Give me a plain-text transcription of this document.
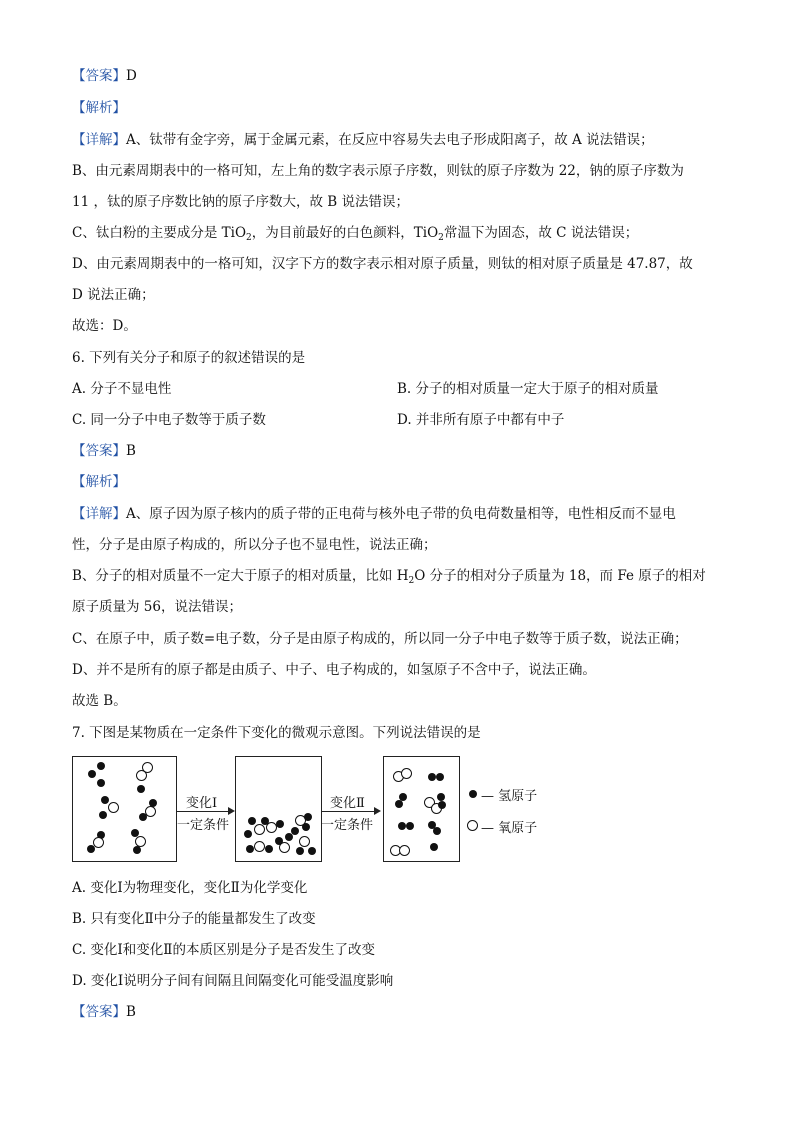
【答案】D
【解析】
【详解】A、钛带有金字旁，属于金属元素，在反应中容易失去电子形成阳离子，故 A 说法错误；
B、由元素周期表中的一格可知，左上角的数字表示原子序数，则钛的原子序数为 22，钠的原子序数为
11 ，钛的原子序数比钠的原子序数大，故 B 说法错误；
C、钛白粉的主要成分是 TiO$_2$，为目前最好的白色颜料，TiO$_2$常温下为固态，故 C 说法错误；
D、由元素周期表中的一格可知，汉字下方的数字表示相对原子质量，则钛的相对原子质量是 47.87，故
D 说法正确；
故选：D。
6. 下列有关分子和原子的叙述错误的是
A. 分子不显电性	B. 分子的相对质量一定大于原子的相对质量
C. 同一分子中电子数等于质子数	D. 并非所有原子中都有中子
【答案】B
【解析】
【详解】A、原子因为原子核内的质子带的正电荷与核外电子带的负电荷数量相等，电性相反而不显电
性，分子是由原子构成的，所以分子也不显电性，说法正确；
B、分子的相对质量不一定大于原子的相对质量，比如 $H_2O$ 分子的相对分子质量为 18，而 Fe 原子的相对
原子质量为 56，说法错误；
C、在原子中，质子数=电子数，分子是由原子构成的，所以同一分子中电子数等于质子数，说法正确；
D、并不是所有的原子都是由质子、中子、电子构成的，如氢原子不含中子，说法正确。
故选 B。
7. 下图是某物质在一定条件下变化的微观示意图。下列说法错误的是
变化Ⅰ
一定条件
变化Ⅱ
一定条件
— 氢原子
— 氧原子
A. 变化Ⅰ为物理变化，变化Ⅱ为化学变化
B. 只有变化Ⅱ中分子的能量都发生了改变
C. 变化Ⅰ和变化Ⅱ的本质区别是分子是否发生了改变
D. 变化Ⅰ说明分子间有间隔且间隔变化可能受温度影响
【答案】B
